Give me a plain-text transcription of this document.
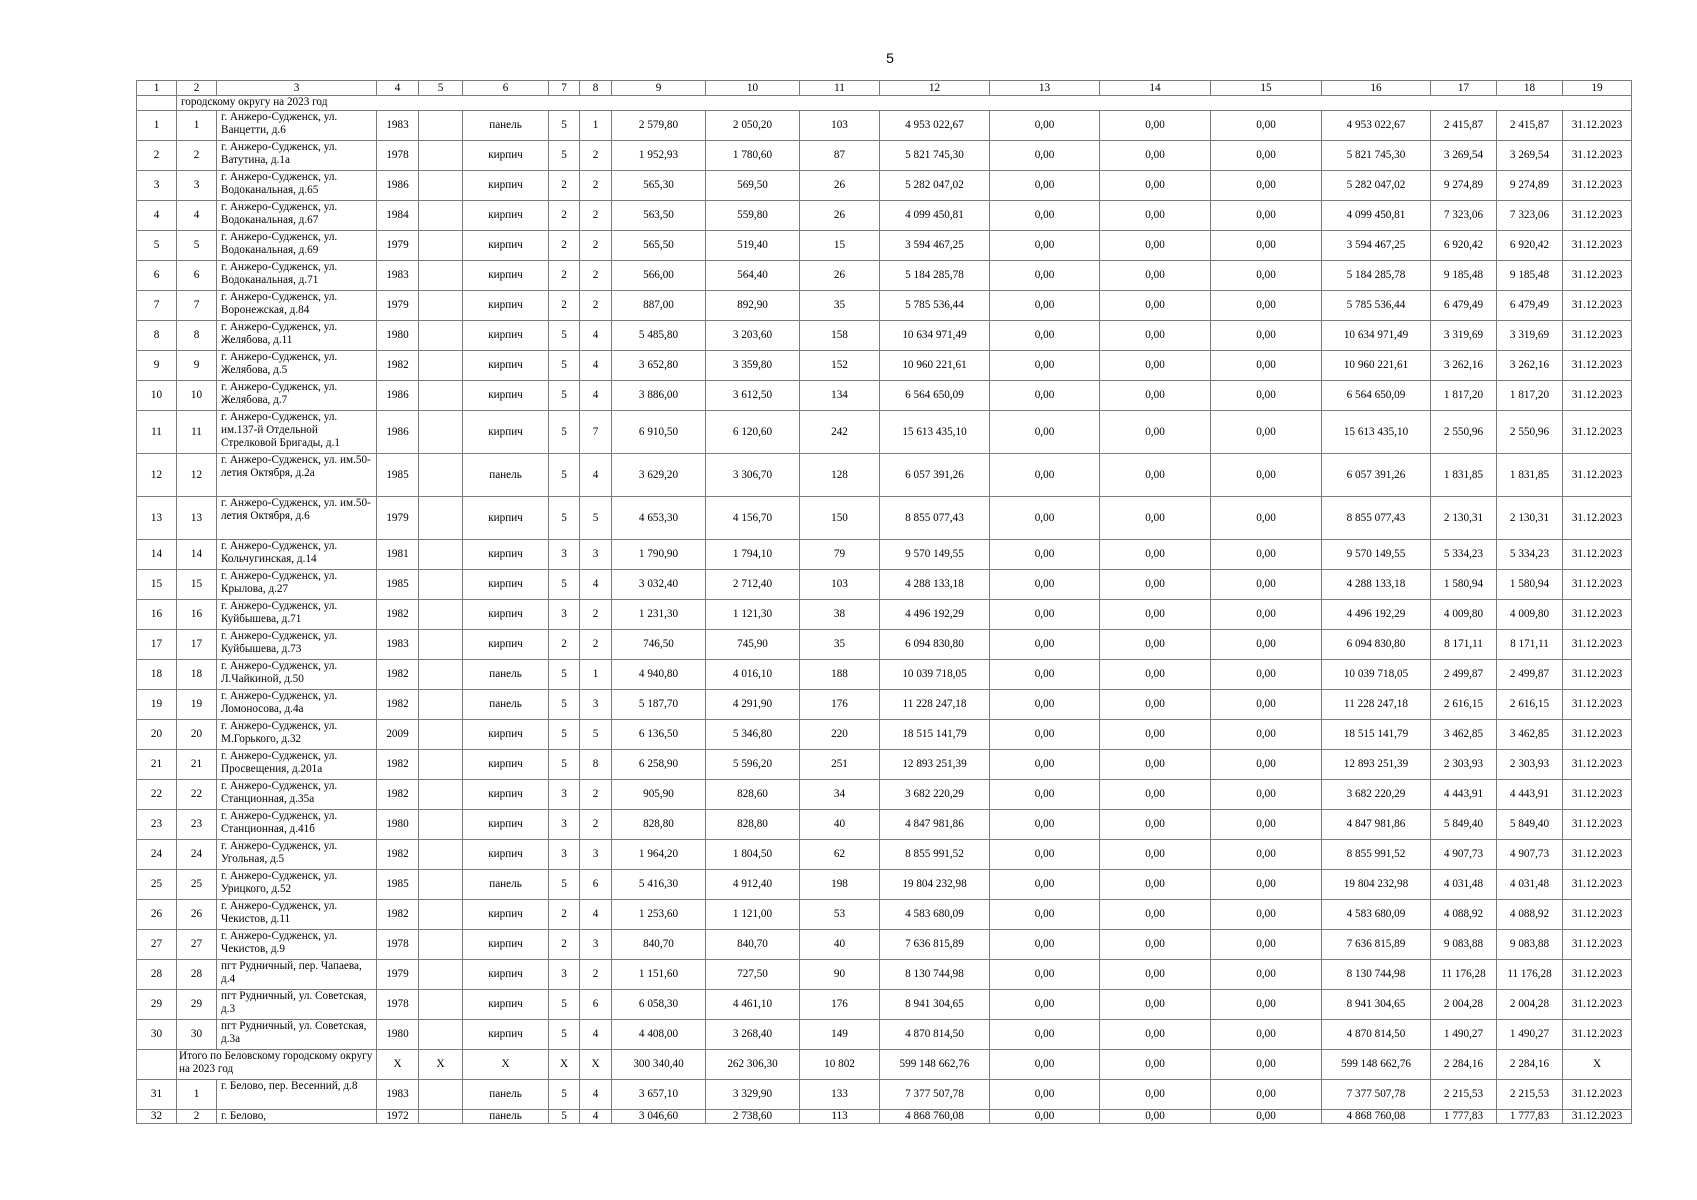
5
1	2	3	4	5	6	7	8	9	10	11	12	13	14	15	16	17	18	19
	городскому округу на 2023 год																	
1	1	г. Анжеро-Судженск, ул. Ванцетти, д.6	1983		панель	5	1	2 579,80	2 050,20	103	4 953 022,67	0,00	0,00	0,00	4 953 022,67	2 415,87	2 415,87	31.12.2023
2	2	г. Анжеро-Судженск, ул. Ватутина, д.1а	1978		кирпич	5	2	1 952,93	1 780,60	87	5 821 745,30	0,00	0,00	0,00	5 821 745,30	3 269,54	3 269,54	31.12.2023
3	3	г. Анжеро-Судженск, ул. Водоканальная, д.65	1986		кирпич	2	2	565,30	569,50	26	5 282 047,02	0,00	0,00	0,00	5 282 047,02	9 274,89	9 274,89	31.12.2023
4	4	г. Анжеро-Судженск, ул. Водоканальная, д.67	1984		кирпич	2	2	563,50	559,80	26	4 099 450,81	0,00	0,00	0,00	4 099 450,81	7 323,06	7 323,06	31.12.2023
5	5	г. Анжеро-Судженск, ул. Водоканальная, д.69	1979		кирпич	2	2	565,50	519,40	15	3 594 467,25	0,00	0,00	0,00	3 594 467,25	6 920,42	6 920,42	31.12.2023
6	6	г. Анжеро-Судженск, ул. Водоканальная, д.71	1983		кирпич	2	2	566,00	564,40	26	5 184 285,78	0,00	0,00	0,00	5 184 285,78	9 185,48	9 185,48	31.12.2023
7	7	г. Анжеро-Судженск, ул. Воронежская, д.84	1979		кирпич	2	2	887,00	892,90	35	5 785 536,44	0,00	0,00	0,00	5 785 536,44	6 479,49	6 479,49	31.12.2023
8	8	г. Анжеро-Судженск, ул. Желябова, д.11	1980		кирпич	5	4	5 485,80	3 203,60	158	10 634 971,49	0,00	0,00	0,00	10 634 971,49	3 319,69	3 319,69	31.12.2023
9	9	г. Анжеро-Судженск, ул. Желябова, д.5	1982		кирпич	5	4	3 652,80	3 359,80	152	10 960 221,61	0,00	0,00	0,00	10 960 221,61	3 262,16	3 262,16	31.12.2023
10	10	г. Анжеро-Судженск, ул. Желябова, д.7	1986		кирпич	5	4	3 886,00	3 612,50	134	6 564 650,09	0,00	0,00	0,00	6 564 650,09	1 817,20	1 817,20	31.12.2023
11	11	г. Анжеро-Судженск, ул. им.137-й Отдельной Стрелковой Бригады, д.1	1986		кирпич	5	7	6 910,50	6 120,60	242	15 613 435,10	0,00	0,00	0,00	15 613 435,10	2 550,96	2 550,96	31.12.2023
12	12	г. Анжеро-Судженск, ул. им.50-летия Октября, д.2а	1985		панель	5	4	3 629,20	3 306,70	128	6 057 391,26	0,00	0,00	0,00	6 057 391,26	1 831,85	1 831,85	31.12.2023
13	13	г. Анжеро-Судженск, ул. им.50-летия Октября, д.6	1979		кирпич	5	5	4 653,30	4 156,70	150	8 855 077,43	0,00	0,00	0,00	8 855 077,43	2 130,31	2 130,31	31.12.2023
14	14	г. Анжеро-Судженск, ул. Кольчугинская, д.14	1981		кирпич	3	3	1 790,90	1 794,10	79	9 570 149,55	0,00	0,00	0,00	9 570 149,55	5 334,23	5 334,23	31.12.2023
15	15	г. Анжеро-Судженск, ул. Крылова, д.27	1985		кирпич	5	4	3 032,40	2 712,40	103	4 288 133,18	0,00	0,00	0,00	4 288 133,18	1 580,94	1 580,94	31.12.2023
16	16	г. Анжеро-Судженск, ул. Куйбышева, д.71	1982		кирпич	3	2	1 231,30	1 121,30	38	4 496 192,29	0,00	0,00	0,00	4 496 192,29	4 009,80	4 009,80	31.12.2023
17	17	г. Анжеро-Судженск, ул. Куйбышева, д.73	1983		кирпич	2	2	746,50	745,90	35	6 094 830,80	0,00	0,00	0,00	6 094 830,80	8 171,11	8 171,11	31.12.2023
18	18	г. Анжеро-Судженск, ул. Л.Чайкиной, д.50	1982		панель	5	1	4 940,80	4 016,10	188	10 039 718,05	0,00	0,00	0,00	10 039 718,05	2 499,87	2 499,87	31.12.2023
19	19	г. Анжеро-Судженск, ул. Ломоносова, д.4а	1982		панель	5	3	5 187,70	4 291,90	176	11 228 247,18	0,00	0,00	0,00	11 228 247,18	2 616,15	2 616,15	31.12.2023
20	20	г. Анжеро-Судженск, ул. М.Горького, д.32	2009		кирпич	5	5	6 136,50	5 346,80	220	18 515 141,79	0,00	0,00	0,00	18 515 141,79	3 462,85	3 462,85	31.12.2023
21	21	г. Анжеро-Судженск, ул. Просвещения, д.201а	1982		кирпич	5	8	6 258,90	5 596,20	251	12 893 251,39	0,00	0,00	0,00	12 893 251,39	2 303,93	2 303,93	31.12.2023
22	22	г. Анжеро-Судженск, ул. Станционная, д.35а	1982		кирпич	3	2	905,90	828,60	34	3 682 220,29	0,00	0,00	0,00	3 682 220,29	4 443,91	4 443,91	31.12.2023
23	23	г. Анжеро-Судженск, ул. Станционная, д.41б	1980		кирпич	3	2	828,80	828,80	40	4 847 981,86	0,00	0,00	0,00	4 847 981,86	5 849,40	5 849,40	31.12.2023
24	24	г. Анжеро-Судженск, ул. Угольная, д.5	1982		кирпич	3	3	1 964,20	1 804,50	62	8 855 991,52	0,00	0,00	0,00	8 855 991,52	4 907,73	4 907,73	31.12.2023
25	25	г. Анжеро-Судженск, ул. Урицкого, д.52	1985		панель	5	6	5 416,30	4 912,40	198	19 804 232,98	0,00	0,00	0,00	19 804 232,98	4 031,48	4 031,48	31.12.2023
26	26	г. Анжеро-Судженск, ул. Чекистов, д.11	1982		кирпич	2	4	1 253,60	1 121,00	53	4 583 680,09	0,00	0,00	0,00	4 583 680,09	4 088,92	4 088,92	31.12.2023
27	27	г. Анжеро-Судженск, ул. Чекистов, д.9	1978		кирпич	2	3	840,70	840,70	40	7 636 815,89	0,00	0,00	0,00	7 636 815,89	9 083,88	9 083,88	31.12.2023
28	28	пгт Рудничный, пер. Чапаева, д.4	1979		кирпич	3	2	1 151,60	727,50	90	8 130 744,98	0,00	0,00	0,00	8 130 744,98	11 176,28	11 176,28	31.12.2023
29	29	пгт Рудничный, ул. Советская, д.3	1978		кирпич	5	6	6 058,30	4 461,10	176	8 941 304,65	0,00	0,00	0,00	8 941 304,65	2 004,28	2 004,28	31.12.2023
30	30	пгт Рудничный, ул. Советская, д.3а	1980		кирпич	5	4	4 408,00	3 268,40	149	4 870 814,50	0,00	0,00	0,00	4 870 814,50	1 490,27	1 490,27	31.12.2023
	Итого по Беловскому городскому округу на 2023 год		X	X	X	X	X	300 340,40	262 306,30	10 802	599 148 662,76	0,00	0,00	0,00	599 148 662,76	2 284,16	2 284,16	X
31	1	г. Белово, пер. Весенний, д.8	1983		панель	5	4	3 657,10	3 329,90	133	7 377 507,78	0,00	0,00	0,00	7 377 507,78	2 215,53	2 215,53	31.12.2023
32	2	г. Белово,	1972		панель	5	4	3 046,60	2 738,60	113	4 868 760,08	0,00	0,00	0,00	4 868 760,08	1 777,83	1 777,83	31.12.2023
